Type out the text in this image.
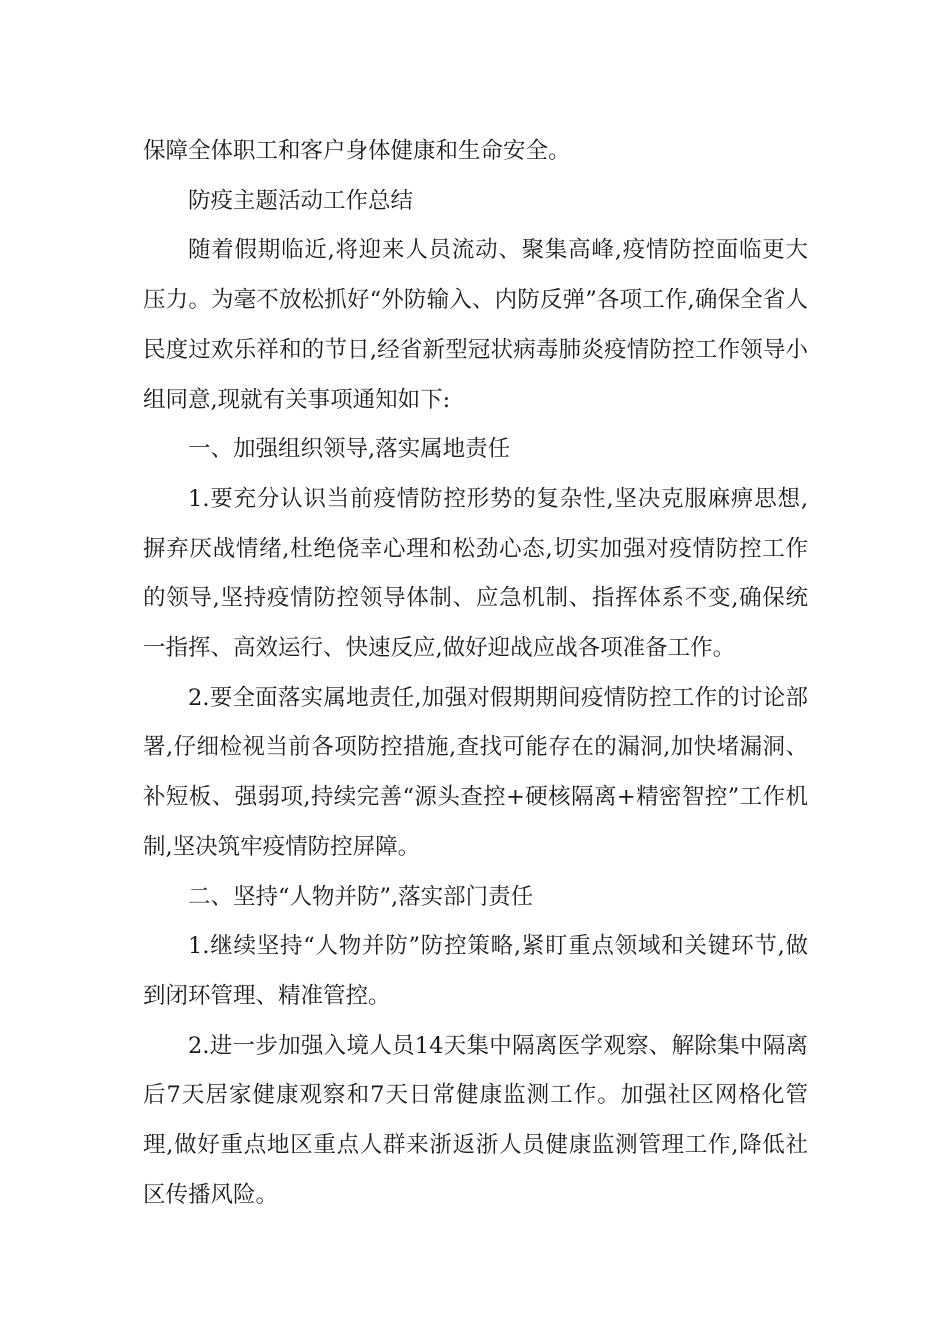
保障全体职工和客户身体健康和生命安全。

防疫主题活动工作总结

随着假期临近,将迎来人员流动、聚集高峰,疫情防控面临更大压力。为毫不放松抓好“外防输入、内防反弹”各项工作,确保全省人民度过欢乐祥和的节日,经省新型冠状病毒肺炎疫情防控工作领导小组同意,现就有关事项通知如下:

一、加强组织领导,落实属地责任

1.要充分认识当前疫情防控形势的复杂性,坚决克服麻痹思想,摒弃厌战情绪,杜绝侥幸心理和松劲心态,切实加强对疫情防控工作的领导,坚持疫情防控领导体制、应急机制、指挥体系不变,确保统一指挥、高效运行、快速反应,做好迎战应战各项准备工作。

2.要全面落实属地责任,加强对假期期间疫情防控工作的讨论部署,仔细检视当前各项防控措施,查找可能存在的漏洞,加快堵漏洞、补短板、强弱项,持续完善“源头查控+硬核隔离+精密智控”工作机制,坚决筑牢疫情防控屏障。

二、坚持“人物并防”,落实部门责任

1.继续坚持“人物并防”防控策略,紧盯重点领域和关键环节,做到闭环管理、精准管控。

2.进一步加强入境人员14天集中隔离医学观察、解除集中隔离后7天居家健康观察和7天日常健康监测工作。加强社区网格化管理,做好重点地区重点人群来浙返浙人员健康监测管理工作,降低社区传播风险。
